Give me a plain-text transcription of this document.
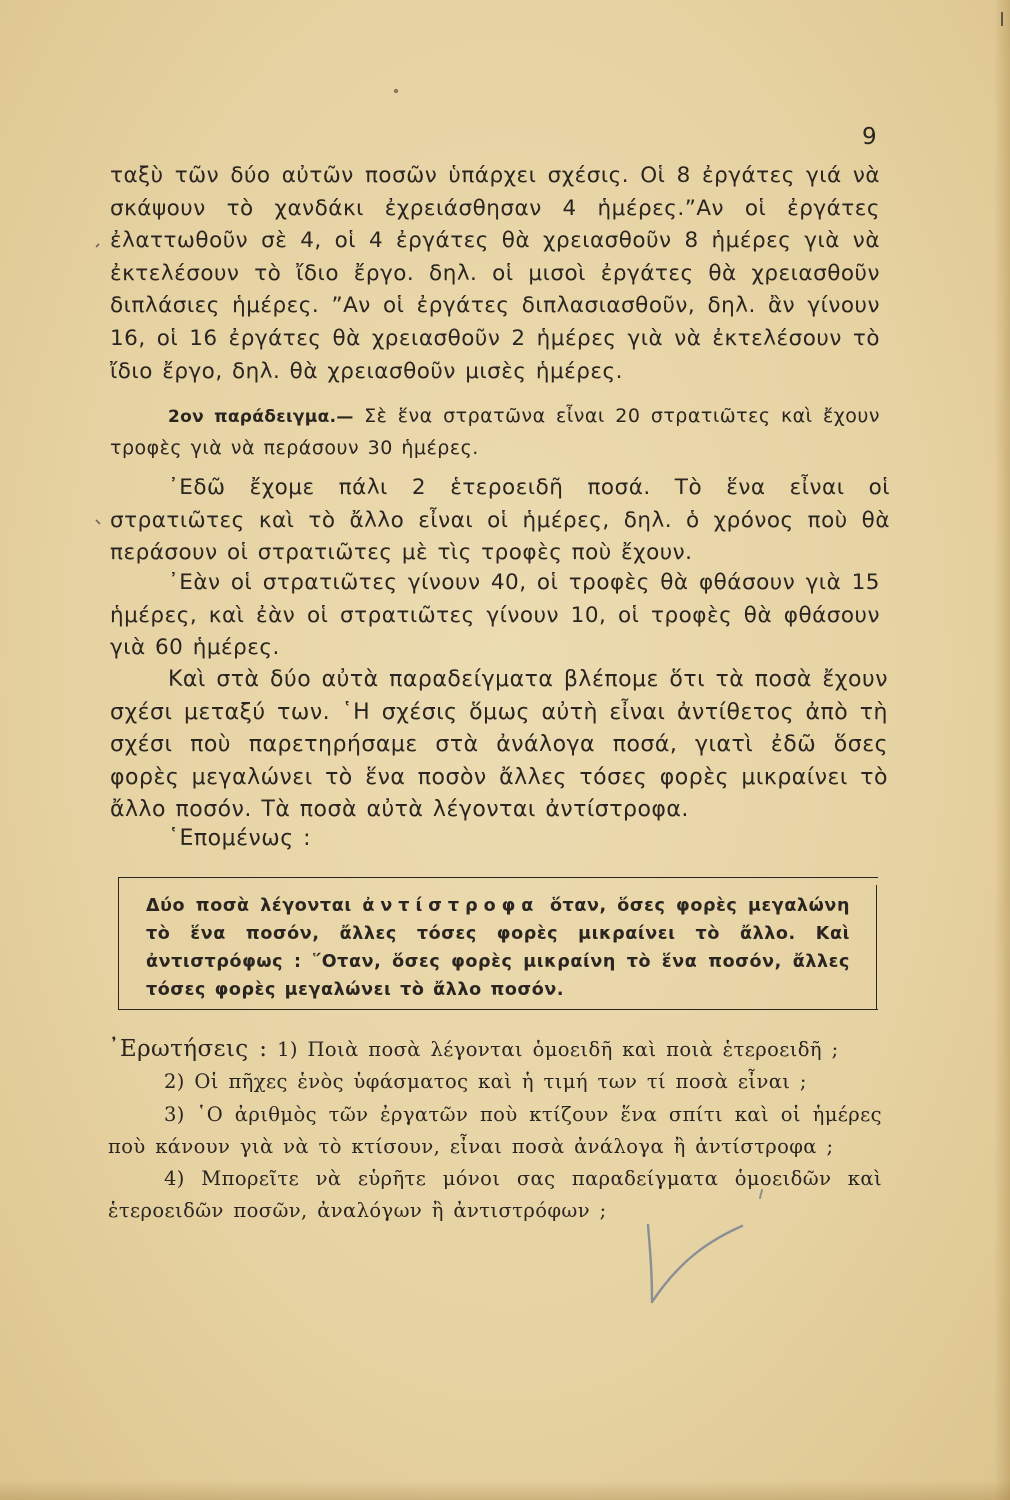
9

ταξὺ τῶν δύο αὐτῶν ποσῶν ὑπάρχει σχέσις. Οἱ 8 ἐργάτες γιά νὰ σκάψουν τὸ χανδάκι ἐχρειάσθησαν 4 ἡμέρες.”Αν οἱ ἐργάτες ἐλαττωθοῦν σὲ 4, οἱ 4 ἐργάτες θὰ χρειασθοῦν 8 ἡμέρες γιὰ νὰ ἐκτελέσουν τὸ ἴδιο ἔργο. δηλ. οἱ μισοὶ ἐργάτες θὰ χρειασθοῦν διπλάσιες ἡμέρες. ”Αν οἱ ἐργάτες διπλασιασθοῦν, δηλ. ἂν γίνουν 16, οἱ 16 ἐργάτες θὰ χρειασθοῦν 2 ἡμέρες γιὰ νὰ ἐκτελέσουν τὸ ἴδιο ἔργο, δηλ. θὰ χρειασθοῦν μισὲς ἡμέρες.

2ον παράδειγμα.— Σὲ ἕνα στρατῶνα εἶναι 20 στρατιῶτες καὶ ἔχουν τροφὲς γιὰ νὰ περάσουν 30 ἡμέρες.

᾿Εδῶ ἔχομε πάλι 2 ἑτεροειδῆ ποσά. Τὸ ἕνα εἶναι οἱ στρατιῶτες καὶ τὸ ἄλλο εἶναι οἱ ἡμέρες, δηλ. ὁ χρόνος ποὺ θὰ περάσουν οἱ στρατιῶτες μὲ τὶς τροφὲς ποὺ ἔχουν.

᾿Εὰν οἱ στρατιῶτες γίνουν 40, οἱ τροφὲς θὰ φθάσουν γιὰ 15 ἡμέρες, καὶ ἐὰν οἱ στρατιῶτες γίνουν 10, οἱ τροφὲς θὰ φθάσουν γιὰ 60 ἡμέρες.

Καὶ στὰ δύο αὐτὰ παραδείγματα βλέπομε ὅτι τὰ ποσὰ ἔχουν σχέσι μεταξύ των. ῾Η σχέσις ὅμως αὐτὴ εἶναι ἀντίθετος ἀπὸ τὴ σχέσι ποὺ παρετηρήσαμε στὰ ἀνάλογα ποσά, γιατὶ ἐδῶ ὅσες φορὲς μεγαλώνει τὸ ἕνα ποσὸν ἄλλες τόσες φορὲς μικραίνει τὸ ἄλλο ποσόν. Τὰ ποσὰ αὐτὰ λέγονται ἀντίστροφα.

῾Επομένως :

Δύο ποσὰ λέγονται ἀντίστροφα ὅταν, ὅσες φορὲς μεγαλώνη τὸ ἕνα ποσόν, ἄλλες τόσες φορὲς μικραίνει τὸ ἄλλο. Καὶ ἀντιστρόφως : ῞Οταν, ὅσες φορὲς μικραίνη τὸ ἕνα ποσόν, ἄλλες τόσες φορὲς μεγαλώνει τὸ ἄλλο ποσόν.

᾿Ερωτήσεις : 1) Ποιὰ ποσὰ λέγονται ὁμοειδῆ καὶ ποιὰ ἑτεροειδῆ ;
2) Οἱ πῆχες ἑνὸς ὑφάσματος καὶ ἡ τιμή των τί ποσὰ εἶναι ;
3) ῾Ο ἀριθμὸς τῶν ἐργατῶν ποὺ κτίζουν ἕνα σπίτι καὶ οἱ ἡμέρες ποὺ κάνουν γιὰ νὰ τὸ κτίσουν, εἶναι ποσὰ ἀνάλογα ἢ ἀντίστροφα ;
4) Μπορεῖτε νὰ εὑρῆτε μόνοι σας παραδείγματα ὁμοειδῶν καὶ ἑτεροειδῶν ποσῶν, ἀναλόγων ἢ ἀντιστρόφων ;
